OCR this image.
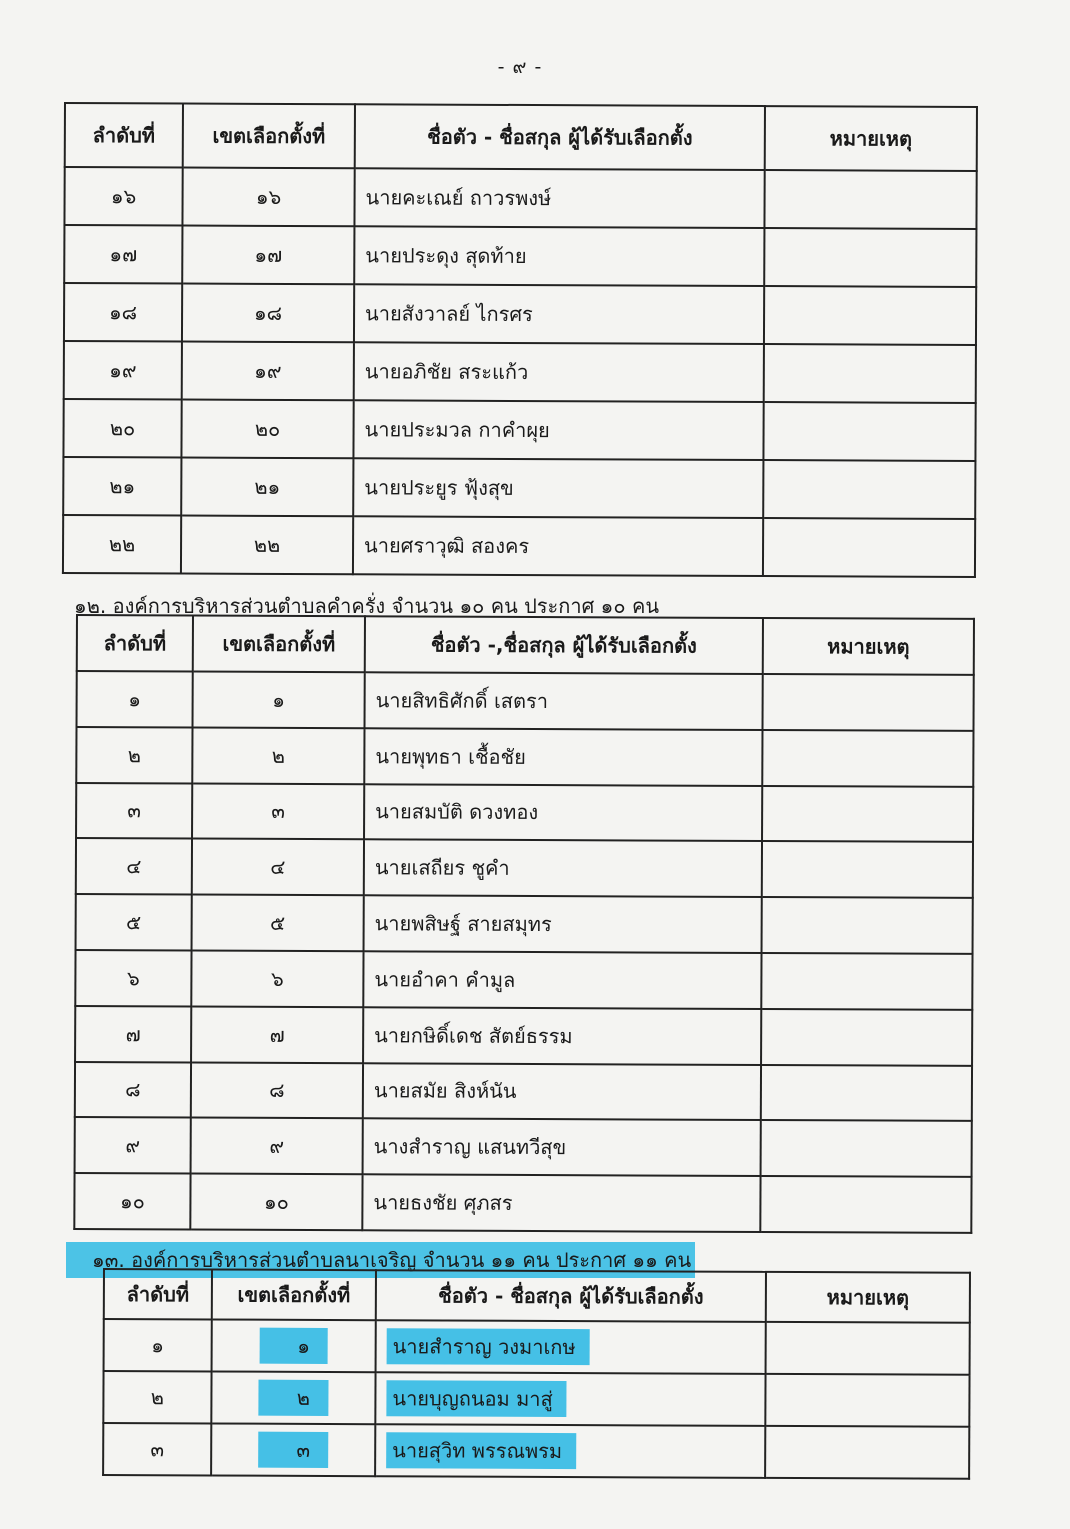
- ๙ -
ลำดับที่	เขตเลือกตั้งที่	ชื่อตัว - ชื่อสกุล ผู้ได้รับเลือกตั้ง	หมายเหตุ
๑๖	๑๖	นายคะเณย์ ถาวรพงษ์	
๑๗	๑๗	นายประดุง สุดท้าย	
๑๘	๑๘	นายสังวาลย์ ไกรศร	
๑๙	๑๙	นายอภิชัย สระแก้ว	
๒๐	๒๐	นายประมวล กาคำผุย	
๒๑	๒๑	นายประยูร ฟุ้งสุข	
๒๒	๒๒	นายศราวุฒิ สองคร	
๑๒. องค์การบริหารส่วนตำบลคำครั่ง จำนวน ๑๐ คน ประกาศ ๑๐ คน
ลำดับที่	เขตเลือกตั้งที่	ชื่อตัว -,ชื่อสกุล ผู้ได้รับเลือกตั้ง	หมายเหตุ
๑	๑	นายสิทธิศักดิ์ เสตรา	
๒	๒	นายพุทธา เชื้อชัย	
๓	๓	นายสมบัติ ดวงทอง	
๔	๔	นายเสถียร ชูคำ	
๕	๕	นายพสิษฐ์ สายสมุทร	
๖	๖	นายอำคา คำมูล	
๗	๗	นายกษิดิ์เดช สัตย์ธรรม	
๘	๘	นายสมัย สิงห์นัน	
๙	๙	นางสำราญ แสนทวีสุข	
๑๐	๑๐	นายธงชัย ศุภสร	
๑๓. องค์การบริหารส่วนตำบลนาเจริญ จำนวน ๑๑ คน ประกาศ ๑๑ คน
ลำดับที่	เขตเลือกตั้งที่	ชื่อตัว - ชื่อสกุล ผู้ได้รับเลือกตั้ง	หมายเหตุ
๑	๑	นายสำราญ วงมาเกษ	
๒	๒	นายบุญถนอม มาสู่	
๓	๓	นายสุวิท พรรณพรม	
